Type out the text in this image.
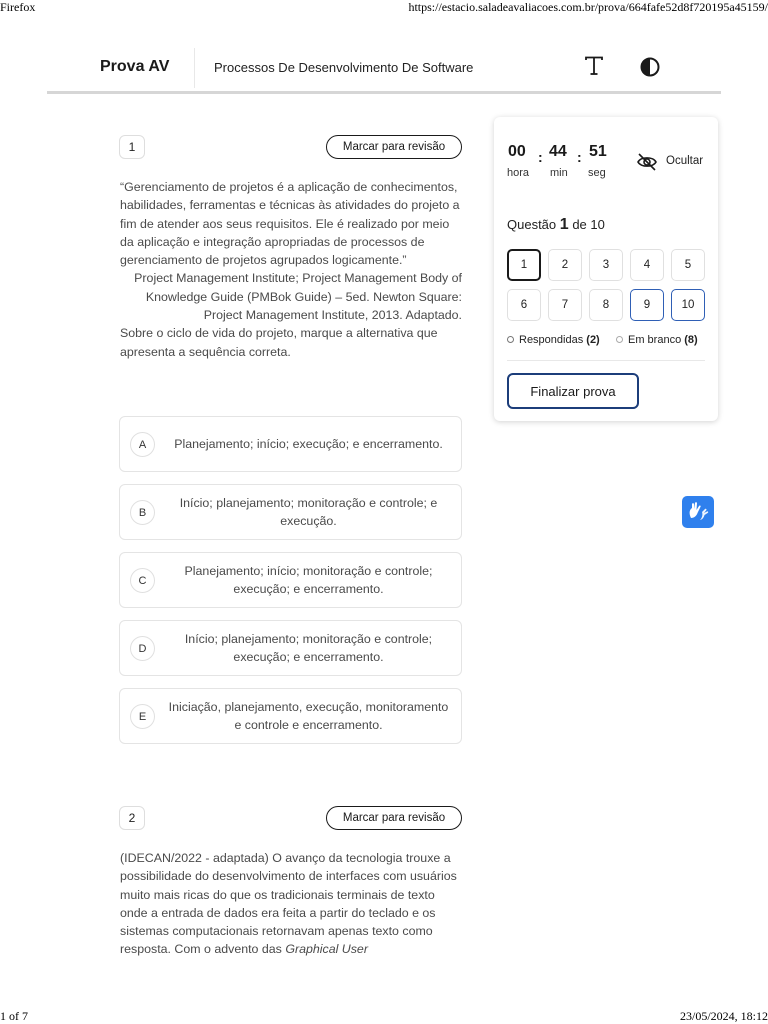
Firefox	https://estacio.saladeavaliacoes.com.br/prova/664fafe52d8f720195a45159/
Prova AV	Processos De Desenvolvimento De Software
1	Marcar para revisão

“Gerenciamento de projetos é a aplicação de conhecimentos, habilidades, ferramentas e técnicas às atividades do projeto a fim de atender aos seus requisitos. Ele é realizado por meio da aplicação e integração apropriadas de processos de gerenciamento de projetos agrupados logicamente.”

Project Management Institute; Project Management Body of Knowledge Guide (PMBok Guide) – 5ed. Newton Square: Project Management Institute, 2013. Adaptado.

Sobre o ciclo de vida do projeto, marque a alternativa que apresenta a sequência correta.

A	Planejamento; início; execução; e encerramento.
B
Início; planejamento; monitoração e controle; e execução.
C
Planejamento; início; monitoração e controle; execução; e encerramento.
D
Início; planejamento; monitoração e controle; execução; e encerramento.
E
Iniciação, planejamento, execução, monitoramento e controle e encerramento.
2	Marcar para revisão

(IDECAN/2022 - adaptada) O avanço da tecnologia trouxe a possibilidade do desenvolvimento de interfaces com usuários muito mais ricas do que os tradicionais terminais de texto onde a entrada de dados era feita a partir do teclado e os sistemas computacionais retornavam apenas texto como resposta. Com o advento das Graphical User

00 : 44 : 51
hora min seg
Ocultar
Questão 1 de 10
1	2	3	4	5
6	7	8	9	10
Respondidas (2)	Em branco (8)
Finalizar prova
1 of 7	23/05/2024, 18:12
